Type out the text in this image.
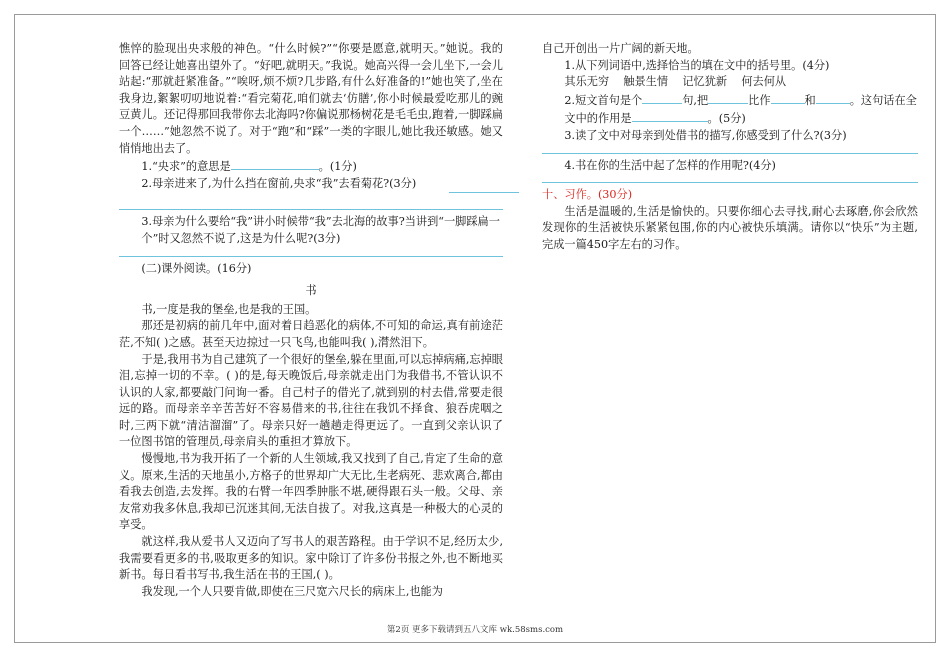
憔悴的脸现出央求般的神色。“什么时候?”“你要是愿意,就明天。”她说。我的回答已经让她喜出望外了。“好吧,就明天。”我说。她高兴得一会儿坐下,一会儿站起:“那就赶紧准备。”“唉呀,烦不烦?几步路,有什么好准备的!”她也笑了,坐在我身边,絮絮叨叨地说着:“看完菊花,咱们就去‘仿膳’,你小时候最爱吃那儿的豌豆黄儿。还记得那回我带你去北海吗?你偏说那杨树花是毛毛虫,跑着,一脚踩扁一个……”她忽然不说了。对于“跑”和“踩”一类的字眼儿,她比我还敏感。她又悄悄地出去了。

1.“央求”的意思是	。(1分)

2.母亲进来了,为什么挡在窗前,央求“我”去看菊花?(3分)

3.母亲为什么要给“我”讲小时候带“我”去北海的故事?当讲到“一脚踩扁一个”时又忽然不说了,这是为什么呢?(3分)

(二)课外阅读。(16分)

书

书,一度是我的堡垒,也是我的王国。

那还是初病的前几年中,面对着日趋恶化的病体,不可知的命运,真有前途茫茫,不知( )之感。甚至天边掠过一只飞鸟,也能叫我( ),潸然泪下。

于是,我用书为自己建筑了一个很好的堡垒,躲在里面,可以忘掉病痛,忘掉眼泪,忘掉一切的不幸。( )的是,每天晚饭后,母亲就走出门为我借书,不管认识不认识的人家,都要敲门问询一番。自己村子的借光了,就到别的村去借,常要走很远的路。而母亲辛辛苦苦好不容易借来的书,往往在我饥不择食、狼吞虎咽之时,三两下就“清洁溜溜”了。母亲只好一趟趟走得更远了。一直到父亲认识了一位图书馆的管理员,母亲肩头的重担才算放下。

慢慢地,书为我开拓了一个新的人生领域,我又找到了自己,肯定了生命的意义。原来,生活的天地虽小,方格子的世界却广大无比,生老病死、悲欢离合,都由看我去创造,去发挥。我的右臂一年四季肿胀不堪,硬得跟石头一般。父母、亲友常劝我多休息,我却已沉迷其间,无法自拔了。对我,这真是一种极大的心灵的享受。

就这样,我从爱书人又迈向了写书人的艰苦路程。由于学识不足,经历太少,我需要看更多的书,吸取更多的知识。家中除订了许多份书报之外,也不断地买新书。每日看书写书,我生活在书的王国,( )。

我发现,一个人只要肯做,即使在三尺宽六尺长的病床上,也能为

自己开创出一片广阔的新天地。

1.从下列词语中,选择恰当的填在文中的括号里。(4分)

其乐无穷    触景生情    记忆犹新    何去何从

2.短文首句是个	句,把	比作	和	。这句话在全文中的作用是	。(5分)

3.读了文中对母亲到处借书的描写,你感受到了什么?(3分)

4.书在你的生活中起了怎样的作用呢?(4分)

十、习作。(30分)

生活是温暖的,生活是愉快的。只要你细心去寻找,耐心去琢磨,你会欣然发现你的生活被快乐紧紧包围,你的内心被快乐填满。请你以“快乐”为主题,完成一篇450字左右的习作。

第2页 更多下载请到五八文库 wk.58sms.com
